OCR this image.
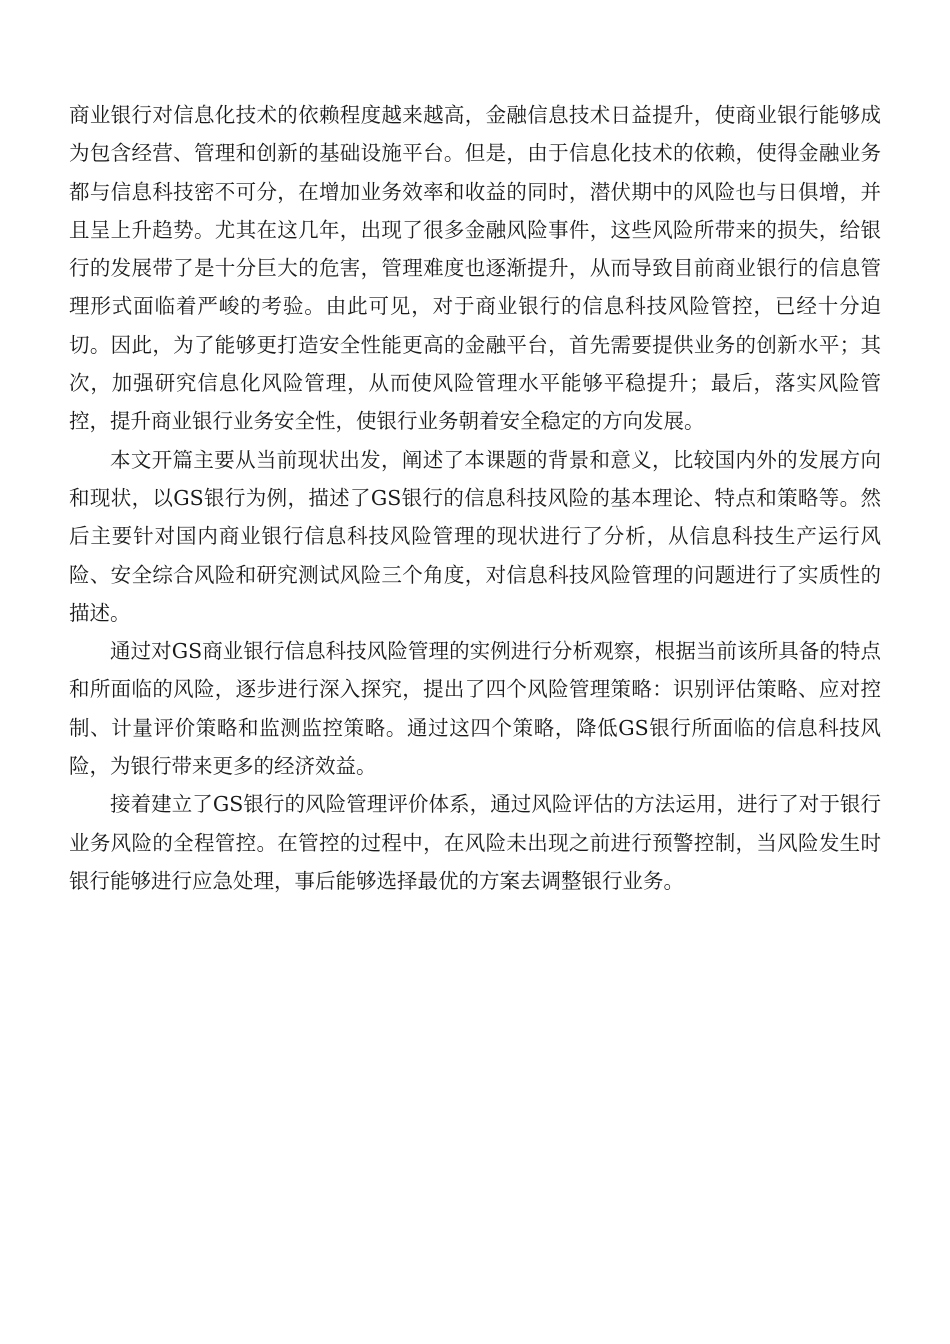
商业银行对信息化技术的依赖程度越来越高，金融信息技术日益提升，使商业银行能够成为包含经营、管理和创新的基础设施平台。但是，由于信息化技术的依赖，使得金融业务都与信息科技密不可分，在增加业务效率和收益的同时，潜伏期中的风险也与日俱增，并且呈上升趋势。尤其在这几年，出现了很多金融风险事件，这些风险所带来的损失，给银行的发展带了是十分巨大的危害，管理难度也逐渐提升，从而导致目前商业银行的信息管理形式面临着严峻的考验。由此可见，对于商业银行的信息科技风险管控，已经十分迫切。因此，为了能够更打造安全性能更高的金融平台，首先需要提供业务的创新水平；其次，加强研究信息化风险管理，从而使风险管理水平能够平稳提升；最后，落实风险管控，提升商业银行业务安全性，使银行业务朝着安全稳定的方向发展。

本文开篇主要从当前现状出发，阐述了本课题的背景和意义，比较国内外的发展方向和现状，以GS银行为例，描述了GS银行的信息科技风险的基本理论、特点和策略等。然后主要针对国内商业银行信息科技风险管理的现状进行了分析，从信息科技生产运行风险、安全综合风险和研究测试风险三个角度，对信息科技风险管理的问题进行了实质性的描述。

通过对GS商业银行信息科技风险管理的实例进行分析观察，根据当前该所具备的特点和所面临的风险，逐步进行深入探究，提出了四个风险管理策略：识别评估策略、应对控制、计量评价策略和监测监控策略。通过这四个策略，降低GS银行所面临的信息科技风险，为银行带来更多的经济效益。

接着建立了GS银行的风险管理评价体系，通过风险评估的方法运用，进行了对于银行业务风险的全程管控。在管控的过程中，在风险未出现之前进行预警控制，当风险发生时银行能够进行应急处理，事后能够选择最优的方案去调整银行业务。
